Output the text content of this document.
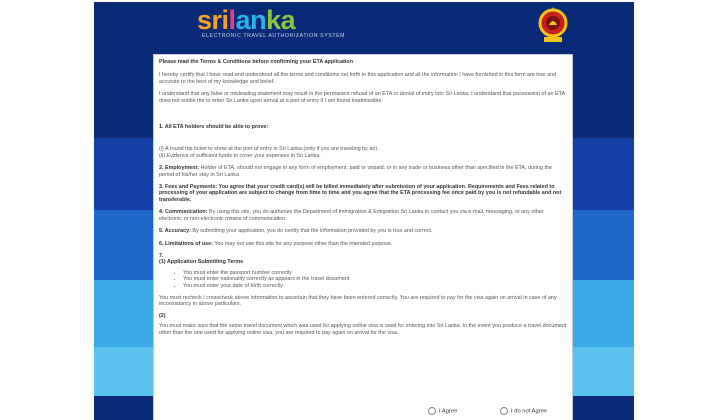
srilanka
ELECTRONIC TRAVEL AUTHORIZATION SYSTEM

Please read the Terms & Conditions before confirming your ETA application

I hereby certify that I have read and understood all the terms and conditions set forth in this application and all the information I have furnished in this form are true and accurate to the best of my knowledge and belief.

I understand that any false or misleading statement may result in the permanent refusal of an ETA or denial of entry into Sri Lanka. I understand that possession of an ETA does not entitle me to enter Sri Lanka upon arrival at a port of entry if I am found inadmissible.

1. All ETA holders should be able to prove:

(i) A round trip ticket to show at the port of entry in Sri Lanka (only if you are traveling by air).

(ii) Evidence of sufficient funds to cover your expenses in Sri Lanka.

2. Employment: Holder of ETA, should not engage in any form of employment, paid or unpaid, or in any trade or business other than specified in the ETA, during the period of his/her stay in Sri Lanka

3. Fees and Payments: You agree that your credit card(s) will be billed immediately after submission of your application. Requirements and Fees related to processing of your application are subject to change from time to time and you agree that the ETA processing fee once paid by you is not refundable and not transferable.

4. Communication: By using this site, you do authorize the Department of Immigration & Emigration Sri Lanka to contact you via e-mail, messaging, or any other electronic or non-electronic means of communication.

5. Accuracy: By submitting your application, you do certify that the information provided by you is true and correct.

6. Limitations of use: You may not use this site for any purpose other than the intended purpose.

7.

(1) Application Submitting Terms

• You must enter the passport number correctly
• You must enter nationality correctly as appears in the travel document
• You must enter your date of birth correctly

You must recheck / crosscheck above information to ascertain that they have been entered correctly. You are required to pay for the visa again on arrival in case of any inconsistancy in above particulars.

(2)

You must make sure that the same travel document which was used for applying online visa is used for entering into Sri Lanka. In the event you produce a travel document other than the one used for applying online visa, you are required to pay again on arrival for the visa.

I Agree	I do not Agree
